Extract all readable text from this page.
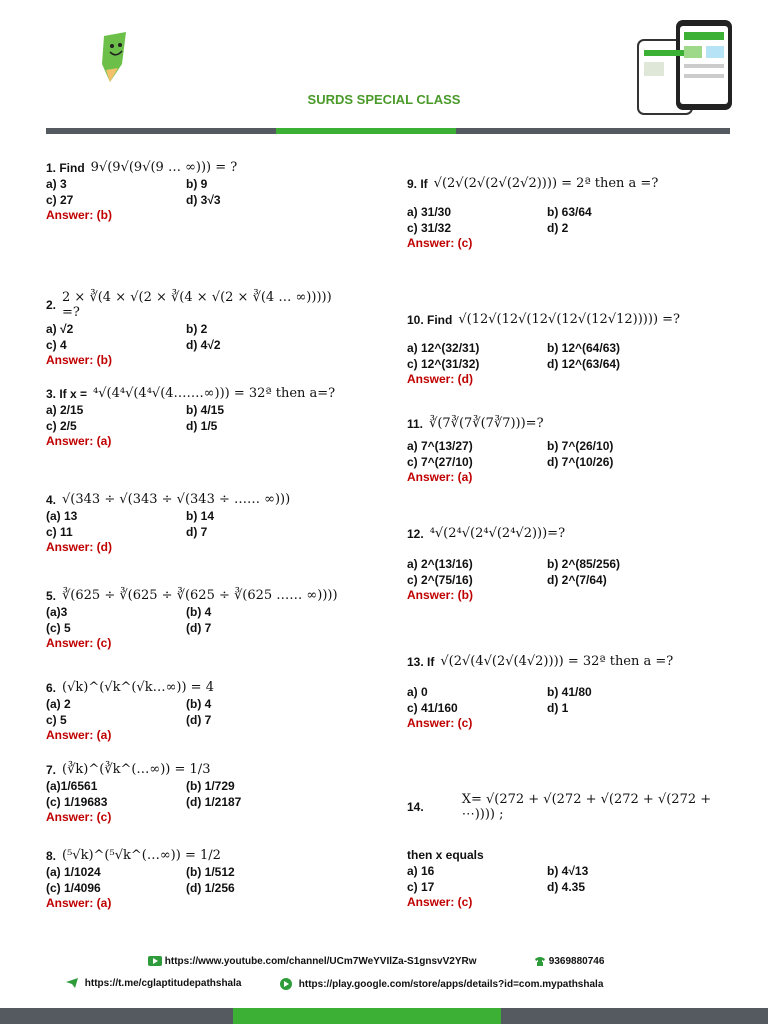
SURDS SPECIAL CLASS
1. Find 9√(9√(9√(9 … ∞))) = ?
a) 3	b) 9
c) 27	d) 3√3
Answer: (b)
2. 2 × ∛(4 × √(2 × ∛(4 × √(2 × ∛(4 … ∞))))) =?
a) √2	b) 2
c) 4	d) 4√2
Answer: (b)
3. If x = ⁴√(4⁴√(4⁴√(4…….∞))) = 32ª then a=?
a) 2/15	b) 4/15
c) 2/5	d) 1/5
Answer: (a)
4. √(343 ÷ √(343 ÷ √(343 ÷ …… ∞)))
(a) 13	b) 14
c) 11	d) 7
Answer: (d)
5. ∛(625 ÷ ∛(625 ÷ ∛(625 ÷ ∛(625 …… ∞))))
(a)3	(b) 4
(c) 5	(d) 7
Answer: (c)
6. (√k)^(√k^(√k…∞)) = 4
(a) 2	(b) 4
c) 5	(d) 7
Answer: (a)
7. (∛k)^(∛k^(…∞)) = 1/3
(a)1/6561	(b) 1/729
(c) 1/19683	(d) 1/2187
Answer: (c)
8. (⁵√k)^(⁵√k^(…∞)) = 1/2
(a) 1/1024	(b) 1/512
(c) 1/4096	(d) 1/256
Answer: (a)
9. If √(2√(2√(2√(2√2)))) = 2ª then a =?
a) 31/30	b) 63/64
c) 31/32	d) 2
Answer: (c)
10. Find √(12√(12√(12√(12√(12√12))))) =?
a) 12^(32/31)	b) 12^(64/63)
c) 12^(31/32)	d) 12^(63/64)
Answer: (d)
11. ∛(7∛(7∛(7∛7)))=?
a) 7^(13/27)	b) 7^(26/10)
c) 7^(27/10)	d) 7^(10/26)
Answer: (a)
12. ⁴√(2⁴√(2⁴√(2⁴√2)))=?
a) 2^(13/16)	b) 2^(85/256)
c) 2^(75/16)	d) 2^(7/64)
Answer: (b)
13. If √(2√(4√(2√(4√2)))) = 32ª then a =?
a) 0	b) 41/80
c) 41/160	d) 1
Answer: (c)
14.	X= √(272 + √(272 + √(272 + √(272 + ⋯)))) ;
then x equals
a) 16	b) 4√13
c) 17	d) 4.35
Answer: (c)
https://www.youtube.com/channel/UCm7WeYVIlZa-S1gnsvV2YRw	9369880746
https://t.me/cglaptitudepathshala	https://play.google.com/store/apps/details?id=com.mypathshala
